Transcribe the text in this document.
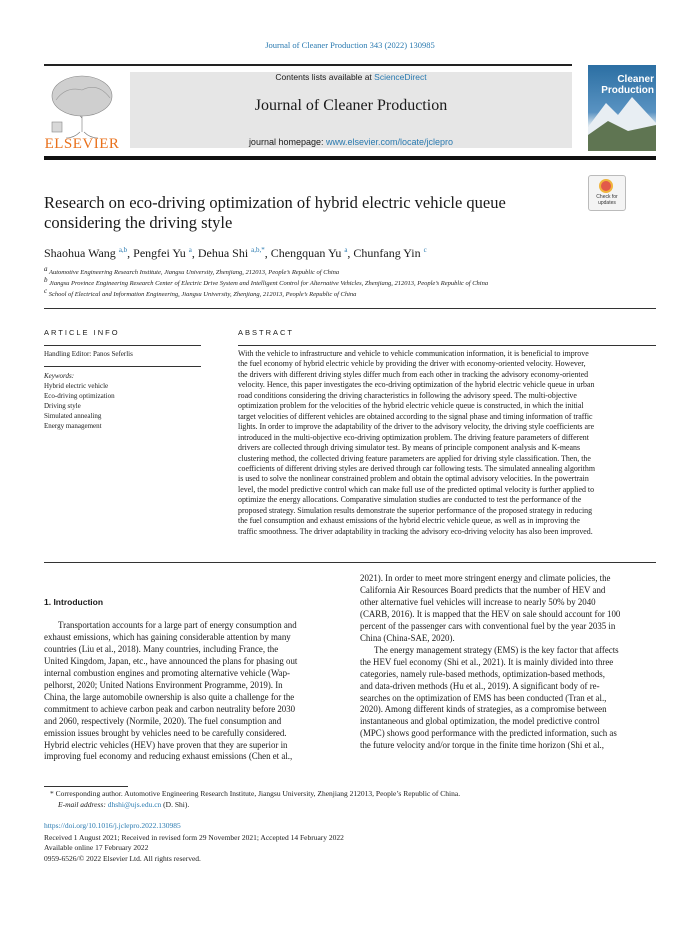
Journal of Cleaner Production 343 (2022) 130985
ELSEVIER
Contents lists available at ScienceDirect
Journal of Cleaner Production
journal homepage: www.elsevier.com/locate/jclepro
Cleaner Production
Research on eco-driving optimization of hybrid electric vehicle queue considering the driving style
Check for updates
Shaohua Wang $^{a,b}$, Pengfei Yu $^a$, Dehua Shi $^{a,b,*}$, Chengquan Yu $^a$, Chunfang Yin $^c$
$^a$ Automotive Engineering Research Institute, Jiangsu University, Zhenjiang, 212013, People’s Republic of China
$^b$ Jiangsu Province Engineering Research Center of Electric Drive System and Intelligent Control for Alternative Vehicles, Zhenjiang, 212013, People’s Republic of China
$^c$ School of Electrical and Information Engineering, Jiangsu University, Zhenjiang, 212013, People’s Republic of China
ARTICLE INFO
Handling Editor: Panos Seferlis
Keywords:
Hybrid electric vehicle
Eco-driving optimization
Driving style
Simulated annealing
Energy management
ABSTRACT
With the vehicle to infrastructure and vehicle to vehicle communication information, it is beneficial to improve
the fuel economy of hybrid electric vehicle by providing the driver with economy-oriented velocity. However,
the drivers with different driving styles differ much from each other in tracking the advisory economy-oriented
velocity. Hence, this paper investigates the eco-driving optimization of the hybrid electric vehicle queue in urban
road conditions considering the driving characteristics in following the advisory speed. The multi-objective
optimization problem for the velocities of the hybrid electric vehicle queue is constructed, in which the initial
target velocities of different vehicles are obtained according to the signal phase and timing information of traffic
lights. In order to improve the adaptability of the driver to the advisory velocity, the driving style coefficients are
introduced in the multi-objective eco-driving optimization problem. The driving feature parameters of different
drivers are collected through driving simulator test. By means of principle component analysis and K-means
clustering method, the collected driving feature parameters are applied for driving style classification. Then, the
coefficients of different driving styles are derived through car following tests. The simulated annealing algorithm
is used to solve the nonlinear constrained problem and obtain the optimal advisory velocities. In the powertrain
level, the model predictive control which can make full use of the predicted optimal velocity is further applied to
optimize the energy allocations. Comparative simulation studies are conducted to test the performance of the
proposed strategy. Simulation results demonstrate the superior performance of the proposed strategy in reducing
the fuel consumption and exhaust emissions of the hybrid electric vehicle queue, as well as in improving the
traffic smoothness. The driver adaptability in tracking the advisory eco-driving velocity has also been improved.
1. Introduction
Transportation accounts for a large part of energy consumption and
exhaust emissions, which has gaining considerable attention by many
countries (Liu et al., 2018). Many countries, including France, the
United Kingdom, Japan, etc., have announced the plans for phasing out
internal combustion engines and promoting alternative vehicle (Wap-
pelhorst, 2020; United Nations Environment Programme, 2019). In
China, the large automobile ownership is also quite a challenge for the
commitment to achieve carbon peak and carbon neutrality before 2030
and 2060, respectively (Normile, 2020). The fuel consumption and
emission issues brought by vehicles need to be carefully considered.
Hybrid electric vehicles (HEV) have proven that they are superior in
improving fuel economy and reducing exhaust emissions (Chen et al.,
2021). In order to meet more stringent energy and climate policies, the
California Air Resources Board predicts that the number of HEV and
other alternative fuel vehicles will increase to nearly 50% by 2040
(CARB, 2016). It is mapped that the HEV on sale should account for 100
percent of the passenger cars with conventional fuel by the year 2035 in
China (China-SAE, 2020).
The energy management strategy (EMS) is the key factor that affects
the HEV fuel economy (Shi et al., 2021). It is mainly divided into three
categories, namely rule-based methods, optimization-based methods,
and data-driven methods (Hu et al., 2019). A significant body of re-
searches on the optimization of EMS has been conducted (Tran et al.,
2020). Among different kinds of strategies, as a compromise between
instantaneous and global optimization, the model predictive control
(MPC) shows good performance with the predicted information, such as
the future velocity and/or torque in the finite time horizon (Shi et al.,
* Corresponding author. Automotive Engineering Research Institute, Jiangsu University, Zhenjiang 212013, People’s Republic of China.
E-mail address: dhshi@ujs.edu.cn (D. Shi).
https://doi.org/10.1016/j.jclepro.2022.130985
Received 1 August 2021; Received in revised form 29 November 2021; Accepted 14 February 2022
Available online 17 February 2022
0959-6526/© 2022 Elsevier Ltd. All rights reserved.
